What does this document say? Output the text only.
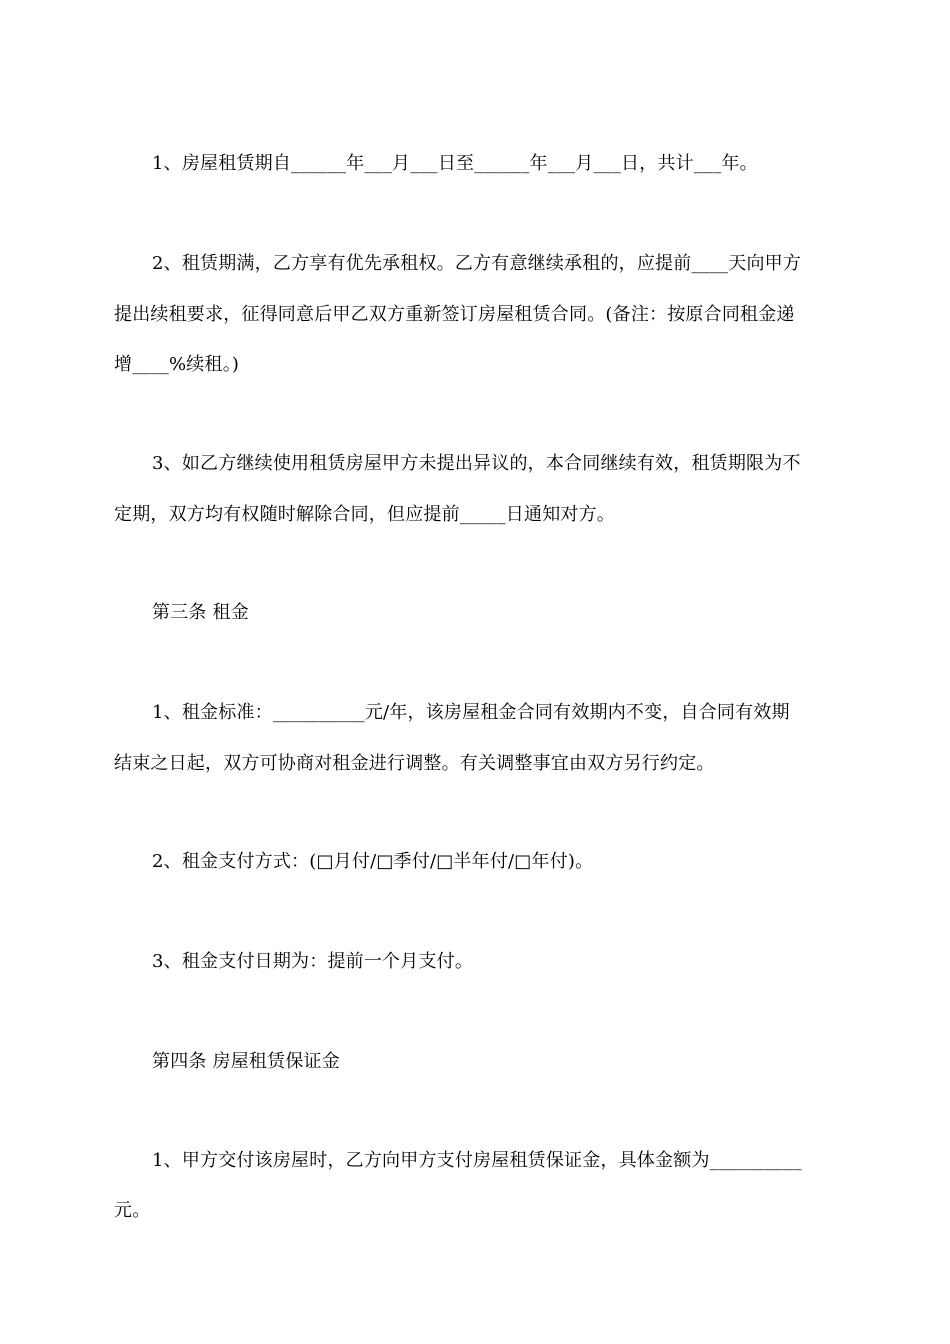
1、房屋租赁期自______年___月___日至______年___月___日，共计___年。
2、租赁期满，乙方享有优先承租权。乙方有意继续承租的，应提前____天向甲方
提出续租要求，征得同意后甲乙双方重新签订房屋租赁合同。(备注：按原合同租金递
增____%续租。)
3、如乙方继续使用租赁房屋甲方未提出异议的，本合同继续有效，租赁期限为不
定期，双方均有权随时解除合同，但应提前_____日通知对方。
第三条 租金
1、租金标准：__________元/年，该房屋租金合同有效期内不变，自合同有效期
结束之日起，双方可协商对租金进行调整。有关调整事宜由双方另行约定。
2、租金支付方式：(□月付/□季付/□半年付/□年付)。
3、租金支付日期为：提前一个月支付。
第四条 房屋租赁保证金
1、甲方交付该房屋时，乙方向甲方支付房屋租赁保证金，具体金额为__________
元。
